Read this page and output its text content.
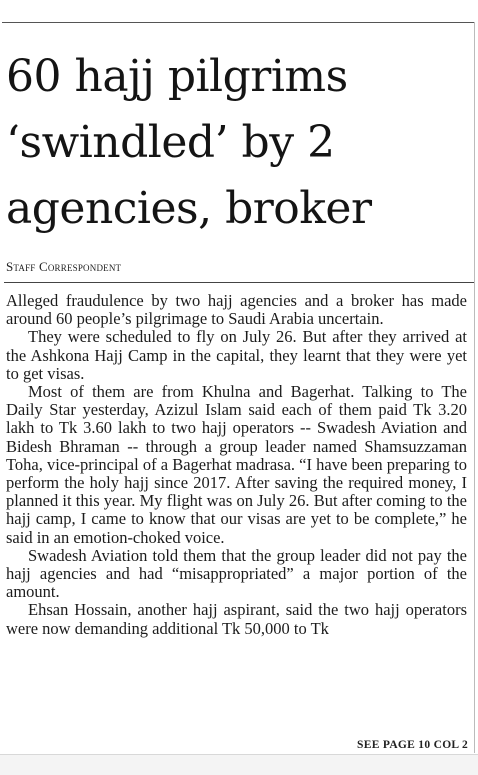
60 hajj pilgrims
‘swindled’ by 2
agencies, broker
Staff Correspondent

Alleged fraudulence by two hajj agencies and a broker has made around 60 people’s pilgrimage to Saudi Arabia uncertain.

They were scheduled to fly on July 26. But after they arrived at the Ashkona Hajj Camp in the capital, they learnt that they were yet to get visas.

Most of them are from Khulna and Bagerhat. Talking to The Daily Star yesterday, Azizul Islam said each of them paid Tk 3.20 lakh to Tk 3.60 lakh to two hajj operators -- Swadesh Aviation and Bidesh Bhraman -- through a group leader named Shamsuzzaman Toha, vice-principal of a Bagerhat madrasa. “I have been preparing to perform the holy hajj since 2017. After saving the required money, I planned it this year. My flight was on July 26. But after coming to the hajj camp, I came to know that our visas are yet to be complete,” he said in an emotion-choked voice.

Swadesh Aviation told them that the group leader did not pay the hajj agencies and had “misappropriated” a major portion of the amount.

Ehsan Hossain, another hajj aspirant, said the two hajj operators were now demanding additional Tk 50,000 to Tk

SEE PAGE 10 COL 2
